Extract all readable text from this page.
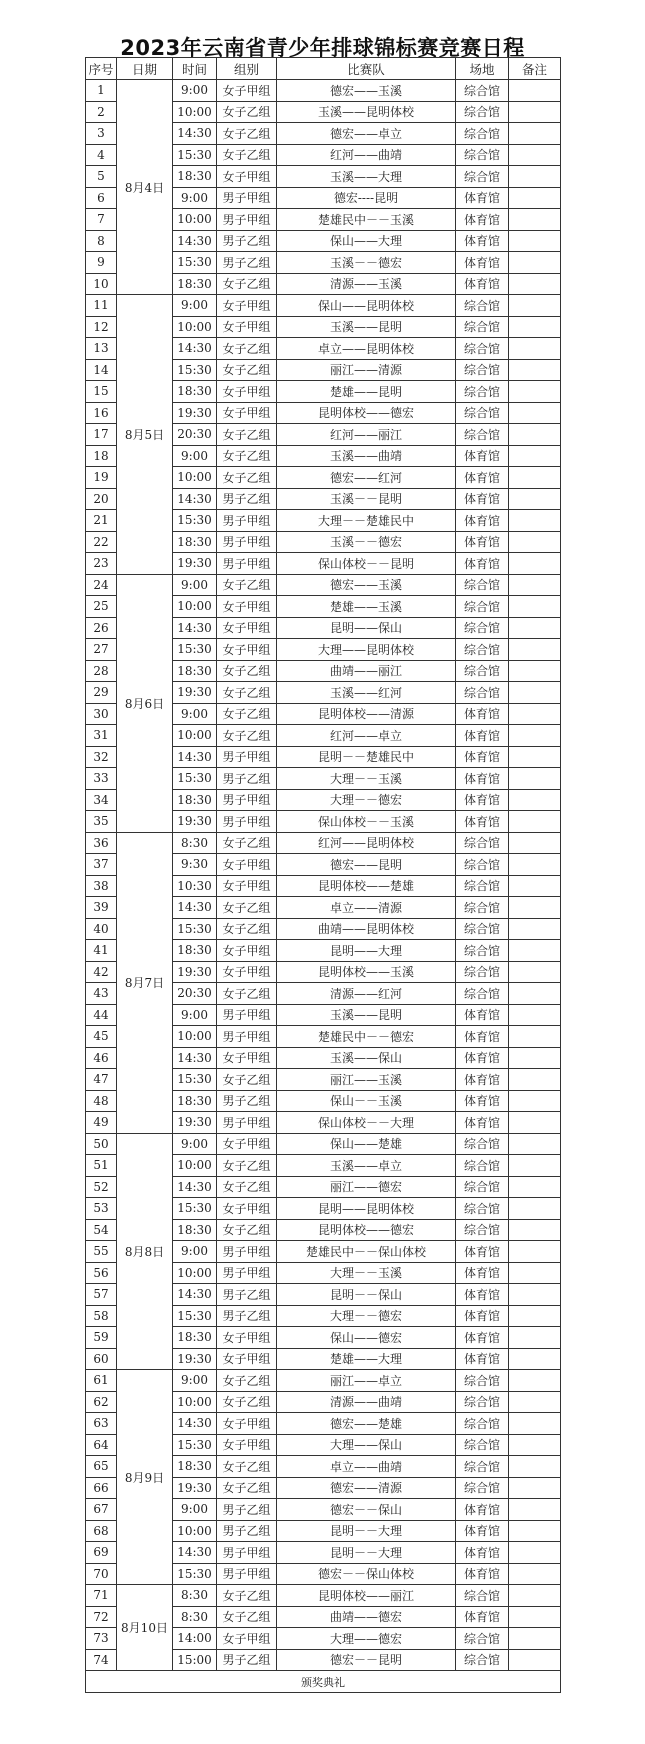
2023年云南省青少年排球锦标赛竞赛日程
序号	日期	时间	组别	比赛队	场地	备注
1	8月4日	9:00	女子甲组	德宏——玉溪	综合馆	
2		10:00	女子乙组	玉溪——昆明体校	综合馆	
3		14:30	女子乙组	德宏——卓立	综合馆	
4		15:30	女子乙组	红河——曲靖	综合馆	
5		18:30	女子甲组	玉溪——大理	综合馆	
6		9:00	男子甲组	德宏----昆明	体育馆	
7		10:00	男子甲组	楚雄民中－－玉溪	体育馆	
8		14:30	男子乙组	保山——大理	体育馆	
9		15:30	男子乙组	玉溪－－德宏	体育馆	
10		18:30	女子乙组	清源——玉溪	体育馆	
11	8月5日	9:00	女子甲组	保山——昆明体校	综合馆	
12		10:00	女子甲组	玉溪——昆明	综合馆	
13		14:30	女子乙组	卓立——昆明体校	综合馆	
14		15:30	女子乙组	丽江——清源	综合馆	
15		18:30	女子甲组	楚雄——昆明	综合馆	
16		19:30	女子甲组	昆明体校——德宏	综合馆	
17		20:30	女子乙组	红河——丽江	综合馆	
18		9:00	女子乙组	玉溪——曲靖	体育馆	
19		10:00	女子乙组	德宏——红河	体育馆	
20		14:30	男子乙组	玉溪－－昆明	体育馆	
21		15:30	男子甲组	大理－－楚雄民中	体育馆	
22		18:30	男子甲组	玉溪－－德宏	体育馆	
23		19:30	男子甲组	保山体校－－昆明	体育馆	
24	8月6日	9:00	女子乙组	德宏——玉溪	综合馆	
25		10:00	女子甲组	楚雄——玉溪	综合馆	
26		14:30	女子甲组	昆明——保山	综合馆	
27		15:30	女子甲组	大理——昆明体校	综合馆	
28		18:30	女子乙组	曲靖——丽江	综合馆	
29		19:30	女子乙组	玉溪——红河	综合馆	
30		9:00	女子乙组	昆明体校——清源	体育馆	
31		10:00	女子乙组	红河——卓立	体育馆	
32		14:30	男子甲组	昆明－－楚雄民中	体育馆	
33		15:30	男子乙组	大理－－玉溪	体育馆	
34		18:30	男子甲组	大理－－德宏	体育馆	
35		19:30	男子甲组	保山体校－－玉溪	体育馆	
36	8月7日	8:30	女子乙组	红河——昆明体校	综合馆	
37		9:30	女子甲组	德宏——昆明	综合馆	
38		10:30	女子甲组	昆明体校——楚雄	综合馆	
39		14:30	女子乙组	卓立——清源	综合馆	
40		15:30	女子乙组	曲靖——昆明体校	综合馆	
41		18:30	女子甲组	昆明——大理	综合馆	
42		19:30	女子甲组	昆明体校——玉溪	综合馆	
43		20:30	女子乙组	清源——红河	综合馆	
44		9:00	男子甲组	玉溪——昆明	体育馆	
45		10:00	男子甲组	楚雄民中－－德宏	体育馆	
46		14:30	女子甲组	玉溪——保山	体育馆	
47		15:30	女子乙组	丽江——玉溪	体育馆	
48		18:30	男子乙组	保山－－玉溪	体育馆	
49		19:30	男子甲组	保山体校－－大理	体育馆	
50	8月8日	9:00	女子甲组	保山——楚雄	综合馆	
51		10:00	女子乙组	玉溪——卓立	综合馆	
52		14:30	女子乙组	丽江——德宏	综合馆	
53		15:30	女子甲组	昆明——昆明体校	综合馆	
54		18:30	女子乙组	昆明体校——德宏	综合馆	
55		9:00	男子甲组	楚雄民中－－保山体校	体育馆	
56		10:00	男子甲组	大理－－玉溪	体育馆	
57		14:30	男子乙组	昆明－－保山	体育馆	
58		15:30	男子乙组	大理－－德宏	体育馆	
59		18:30	女子甲组	保山——德宏	体育馆	
60		19:30	女子甲组	楚雄——大理	体育馆	
61	8月9日	9:00	女子乙组	丽江——卓立	综合馆	
62		10:00	女子乙组	清源——曲靖	综合馆	
63		14:30	女子甲组	德宏——楚雄	综合馆	
64		15:30	女子甲组	大理——保山	综合馆	
65		18:30	女子乙组	卓立——曲靖	综合馆	
66		19:30	女子乙组	德宏——清源	综合馆	
67		9:00	男子乙组	德宏－－保山	体育馆	
68		10:00	男子乙组	昆明－－大理	体育馆	
69		14:30	男子甲组	昆明－－大理	体育馆	
70		15:30	男子甲组	德宏－－保山体校	体育馆	
71	8月10日	8:30	女子乙组	昆明体校——丽江	综合馆	
72		8:30	女子乙组	曲靖——德宏	体育馆	
73		14:00	女子甲组	大理——德宏	综合馆	
74		15:00	男子乙组	德宏－－昆明	综合馆	
颁奖典礼						
